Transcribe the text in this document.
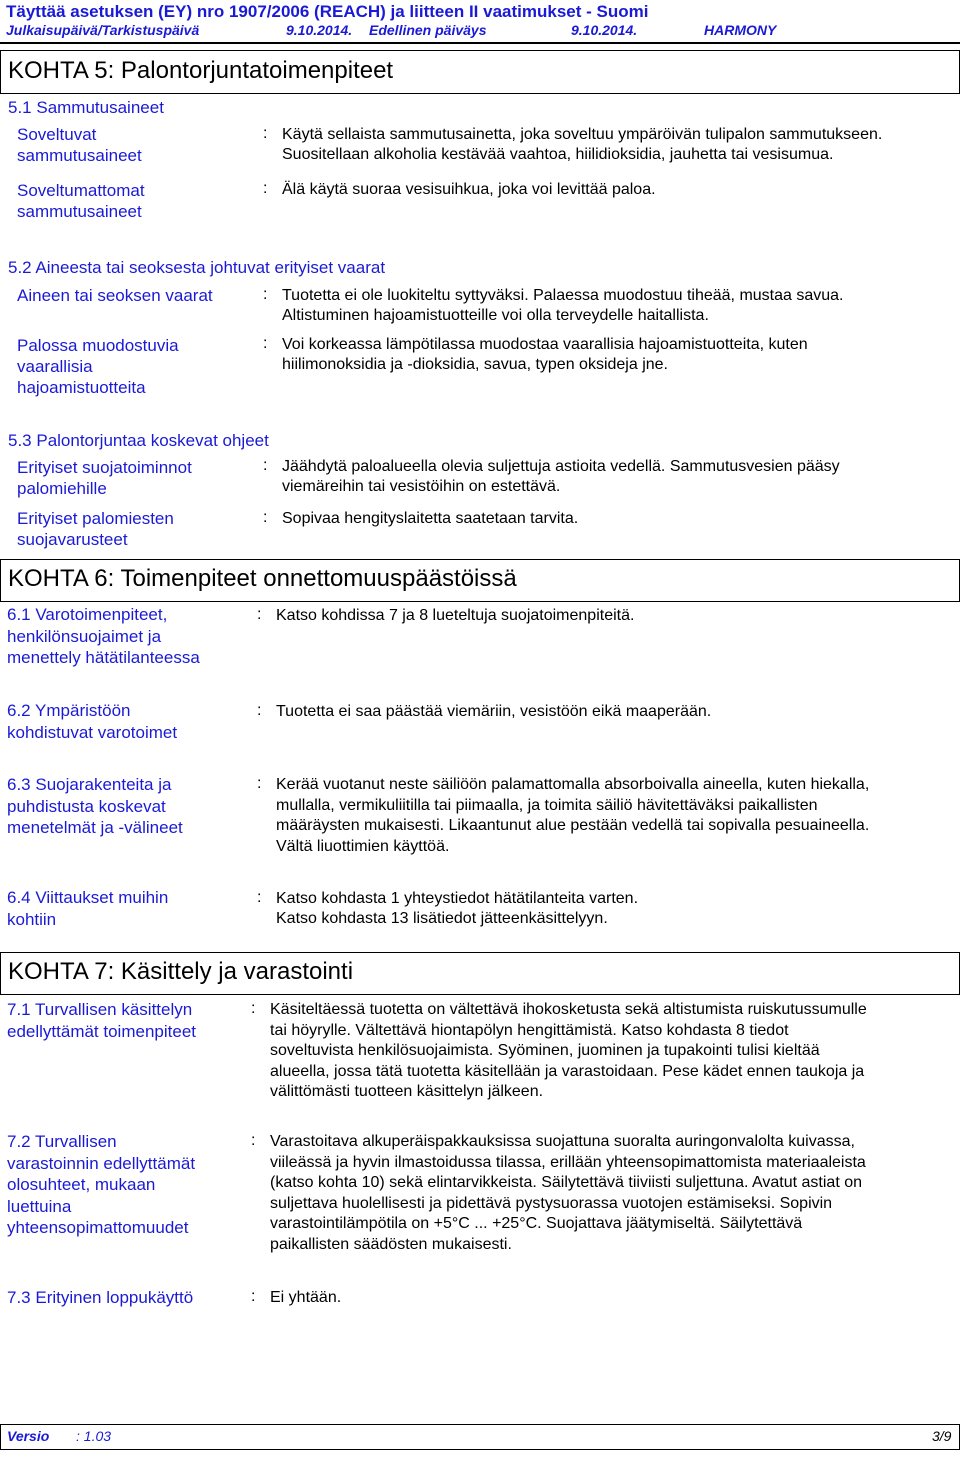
Täyttää asetuksen (EY) nro 1907/2006 (REACH) ja liitteen II vaatimukset - Suomi
Julkaisupäivä/Tarkistuspäivä	9.10.2014. Edellinen päiväys	9.10.2014.	HARMONY
KOHTA 5: Palontorjuntatoimenpiteet
5.1 Sammutusaineet
Soveltuvat
sammutusaineet
: Käytä sellaista sammutusainetta, joka soveltuu ympäröivän tulipalon sammutukseen.
Suositellaan alkoholia kestävää vaahtoa, hiilidioksidia, jauhetta tai vesisumua.
Soveltumattomat
sammutusaineet
: Älä käytä suoraa vesisuihkua, joka voi levittää paloa.
5.2 Aineesta tai seoksesta johtuvat erityiset vaarat
Aineen tai seoksen vaarat	: Tuotetta ei ole luokiteltu syttyväksi. Palaessa muodostuu tiheää, mustaa savua.
Altistuminen hajoamistuotteille voi olla terveydelle haitallista.
Palossa muodostuvia
vaarallisia
hajoamistuotteita
: Voi korkeassa lämpötilassa muodostaa vaarallisia hajoamistuotteita, kuten
hiilimonoksidia ja -dioksidia, savua, typen oksideja jne.
5.3 Palontorjuntaa koskevat ohjeet
Erityiset suojatoiminnot
palomiehille
: Jäähdytä paloalueella olevia suljettuja astioita vedellä. Sammutusvesien pääsy
viemäreihin tai vesistöihin on estettävä.
Erityiset palomiesten
suojavarusteet
: Sopivaa hengityslaitetta saatetaan tarvita.
KOHTA 6: Toimenpiteet onnettomuuspäästöissä
6.1 Varotoimenpiteet,
henkilönsuojaimet ja
menettely hätätilanteessa
: Katso kohdissa 7 ja 8 lueteltuja suojatoimenpiteitä.
6.2 Ympäristöön
kohdistuvat varotoimet
: Tuotetta ei saa päästää viemäriin, vesistöön eikä maaperään.
6.3 Suojarakenteita ja
puhdistusta koskevat
menetelmät ja -välineet
: Kerää vuotanut neste säiliöön palamattomalla absorboivalla aineella, kuten hiekalla,
mullalla, vermikuliitilla tai piimaalla, ja toimita säiliö hävitettäväksi paikallisten
määräysten mukaisesti. Likaantunut alue pestään vedellä tai sopivalla pesuaineella.
Vältä liuottimien käyttöä.
6.4 Viittaukset muihin
kohtiin
: Katso kohdasta 1 yhteystiedot hätätilanteita varten.
Katso kohdasta 13 lisätiedot jätteenkäsittelyyn.
KOHTA 7: Käsittely ja varastointi
7.1 Turvallisen käsittelyn
edellyttämät toimenpiteet
: Käsiteltäessä tuotetta on vältettävä ihokosketusta sekä altistumista ruiskutussumulle
tai höyrylle. Vältettävä hiontapölyn hengittämistä. Katso kohdasta 8 tiedot
soveltuvista henkilösuojaimista. Syöminen, juominen ja tupakointi tulisi kieltää
alueella, jossa tätä tuotetta käsitellään ja varastoidaan. Pese kädet ennen taukoja ja
välittömästi tuotteen käsittelyn jälkeen.
7.2 Turvallisen
varastoinnin edellyttämät
olosuhteet, mukaan
luettuina
yhteensopimattomuudet
: Varastoitava alkuperäispakkauksissa suojattuna suoralta auringonvalolta kuivassa,
viileässä ja hyvin ilmastoidussa tilassa, erillään yhteensopimattomista materiaaleista
(katso kohta 10) sekä elintarvikkeista. Säilytettävä tiiviisti suljettuna. Avatut astiat on
suljettava huolellisesti ja pidettävä pystysuorassa vuotojen estämiseksi. Sopivin
varastointilämpötila on +5°C ... +25°C. Suojattava jäätymiseltä. Säilytettävä
paikallisten säädösten mukaisesti.
7.3 Erityinen loppukäyttö	: Ei yhtään.
Versio : 1.03	3/9
